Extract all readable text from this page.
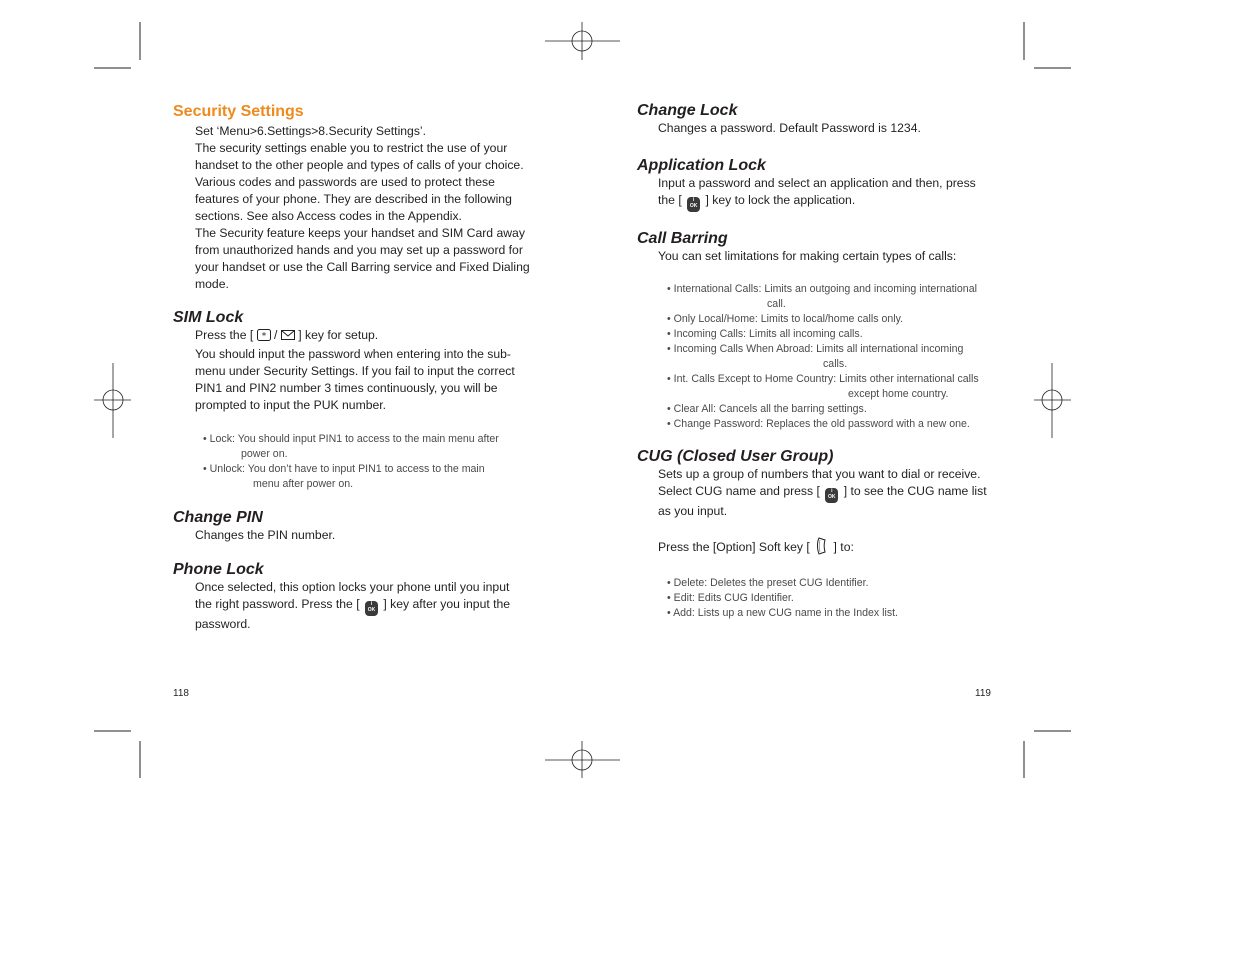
Security Settings

Set ‘Menu>6.Settings>8.Security Settings’.

The security settings enable you to restrict the use of your

handset to the other people and types of calls of your choice.

Various codes and passwords are used to protect these

features of your phone. They are described in the following

sections. See also Access codes in the Appendix.

The Security feature keeps your handset and SIM Card away

from unauthorized hands and you may set up a password for

your handset or use the Call Barring service and Fixed Dialing

mode.

SIM Lock

Press the [ * / ] key for setup.

You should input the password when entering into the sub-

menu under Security Settings. If you fail to input the correct

PIN1 and PIN2 number 3 times continuously, you will be

prompted to input the PUK number.

• Lock: You should input PIN1 to access to the main menu after
power on.

• Unlock: You don’t have to input PIN1 to access to the main
menu after power on.

Change PIN

Changes the PIN number.

Phone Lock

Once selected, this option locks your phone until you input

the right password. Press the [	i
OK ] key after you input the

password.

118
Change Lock

Changes a password. Default Password is 1234.

Application Lock

Input a password and select an application and then, press

the [	i
OK ] key to lock the application.

Call Barring

You can set limitations for making certain types of calls:

• International Calls: Limits an outgoing and incoming international
call.

• Only Local/Home: Limits to local/home calls only.

• Incoming Calls: Limits all incoming calls.

• Incoming Calls When Abroad: Limits all international incoming
calls.

• Int. Calls Except to Home Country: Limits other international calls
except home country.

• Clear All: Cancels all the barring settings.

• Change Password: Replaces the old password with a new one.

CUG (Closed User Group)

Sets up a group of numbers that you want to dial or receive.

Select CUG name and press [	i
OK ] to see the CUG name list

as you input.

Press the [Option] Soft key [ ] to:

• Delete: Deletes the preset CUG Identifier.

• Edit: Edits CUG Identifier.

• Add: Lists up a new CUG name in the Index list.

119
